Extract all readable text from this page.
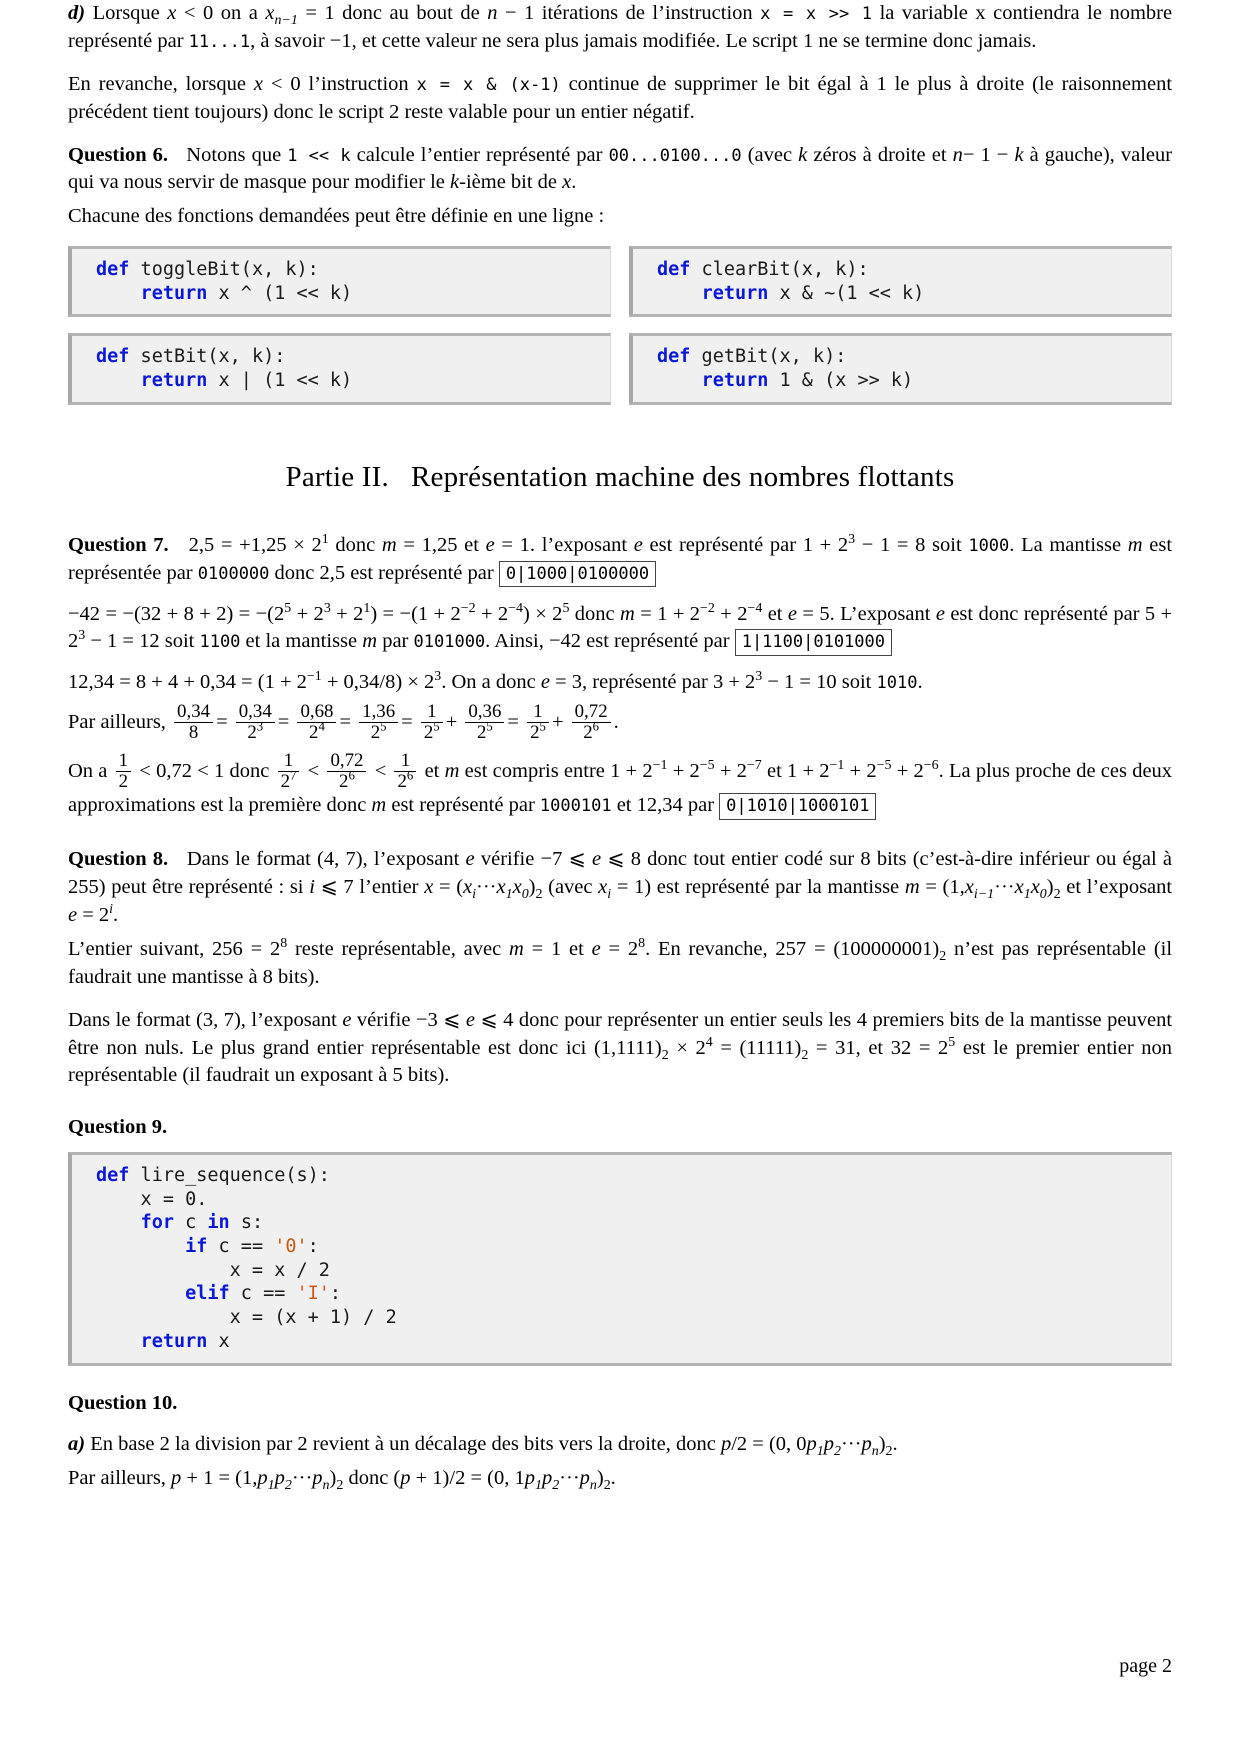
d) Lorsque x < 0 on a $x_{n-1} = 1$ donc au bout de n − 1 itérations de l’instruction x = x >> 1 la variable x contiendra le nombre représenté par 11...1, à savoir −1, et cette valeur ne sera plus jamais modifiée. Le script 1 ne se termine donc jamais.

En revanche, lorsque x < 0 l’instruction x = x & (x-1) continue de supprimer le bit égal à 1 le plus à droite (le raisonnement précédent tient toujours) donc le script 2 reste valable pour un entier négatif.

Question 6. Notons que 1 << k calcule l’entier représenté par 00...0100...0 (avec k zéros à droite et n− 1 − k à gauche), valeur qui va nous servir de masque pour modifier le k-ième bit de x.

Chacune des fonctions demandées peut être définie en une ligne :

def toggleBit(x, k):
return x ^ (1 << k)
def clearBit(x, k):
return x & ~(1 << k)
def setBit(x, k):
return x | (1 << k)
def getBit(x, k):
return 1 & (x >> k)
Partie II. Représentation machine des nombres flottants

Question 7. $2,5 = +1,25 \times 2^1$ donc m = 1,25 et e = 1. l’exposant e est représenté par $1 + 2^3 - 1 = 8$ soit 1000. La mantisse m est représentée par 0100000 donc 2,5 est représenté par 0|1000|0100000

$-42 = -(32 + 8 + 2) = -(2^5 + 2^3 + 2^1) = -(1 + 2^{-2} + 2^{-4}) \times 2^5$ donc $m = 1 + 2^{-2} + 2^{-4}$ et e = 5. L’exposant e est donc représenté par $5 + 2^3 - 1 = 12$ soit 1100 et la mantisse m par 0101000. Ainsi, −42 est représenté par 1|1100|0101000

$12,34 = 8 + 4 + 0,34 = (1 + 2^{-1} + 0,34/8) \times 2^3$. On a donc e = 3, représenté par $3 + 2^3 - 1 = 10$ soit 1010.

Par ailleurs, $\frac{0,34}{8} = \frac{0,34}{2^3} = \frac{0,68}{2^4} = \frac{1,36}{2^5} = \frac{1}{2^5} + \frac{0,36}{2^5} = \frac{1}{2^5} + \frac{0,72}{2^6}$ .

On a $\frac{1}{2} < 0,72 < 1$ donc $\frac{1}{2^7} < \frac{0,72}{2^6} < \frac{1}{2^6}$ et m est compris entre $1 + 2^{-1} + 2^{-5} + 2^{-7}$ et $1 + 2^{-1} + 2^{-5} + 2^{-6}$. La plus proche de ces deux approximations est la première donc m est représenté par 1000101 et 12,34 par 0|1010|1000101

Question 8. Dans le format (4, 7), l’exposant e vérifie −7 ⩽ e ⩽ 8 donc tout entier codé sur 8 bits (c’est-à-dire inférieur ou égal à 255) peut être représenté : si i ⩽ 7 l’entier $x = (x_i\cdot\cdot\cdot x_1x_0)_2$ (avec $x_i = 1$) est représenté par la mantisse $m = (1,x_{i-1}\cdot\cdot\cdot x_1x_0)_2$ et l’exposant $e = 2^i$.

L’entier suivant, $256 = 2^8$ reste représentable, avec m = 1 et $e = 2^8$. En revanche, $257 = (100000001)_2$ n’est pas représentable (il faudrait une mantisse à 8 bits).

Dans le format (3, 7), l’exposant e vérifie −3 ⩽ e ⩽ 4 donc pour représenter un entier seuls les 4 premiers bits de la mantisse peuvent être non nuls. Le plus grand entier représentable est donc ici $(1,1111)_2 \times 2^4 = (11111)_2 = 31$, et $32 = 2^5$ est le premier entier non représentable (il faudrait un exposant à 5 bits).

Question 9.

def lire_sequence(s):
x = 0.
for c in s:
if c == '0':
x = x / 2
elif c == 'I':
x = (x + 1) / 2
return x

Question 10.

a) En base 2 la division par 2 revient à un décalage des bits vers la droite, donc p/2 = (0, $0p_1p_2\cdot\cdot\cdot p_n)_2$.

Par ailleurs, $p + 1 = (1,p_1p_2\cdot\cdot\cdot p_n)_2$ donc (p + 1)/2 = (0, $1p_1p_2\cdot\cdot\cdot p_n)_2$.

page 2
